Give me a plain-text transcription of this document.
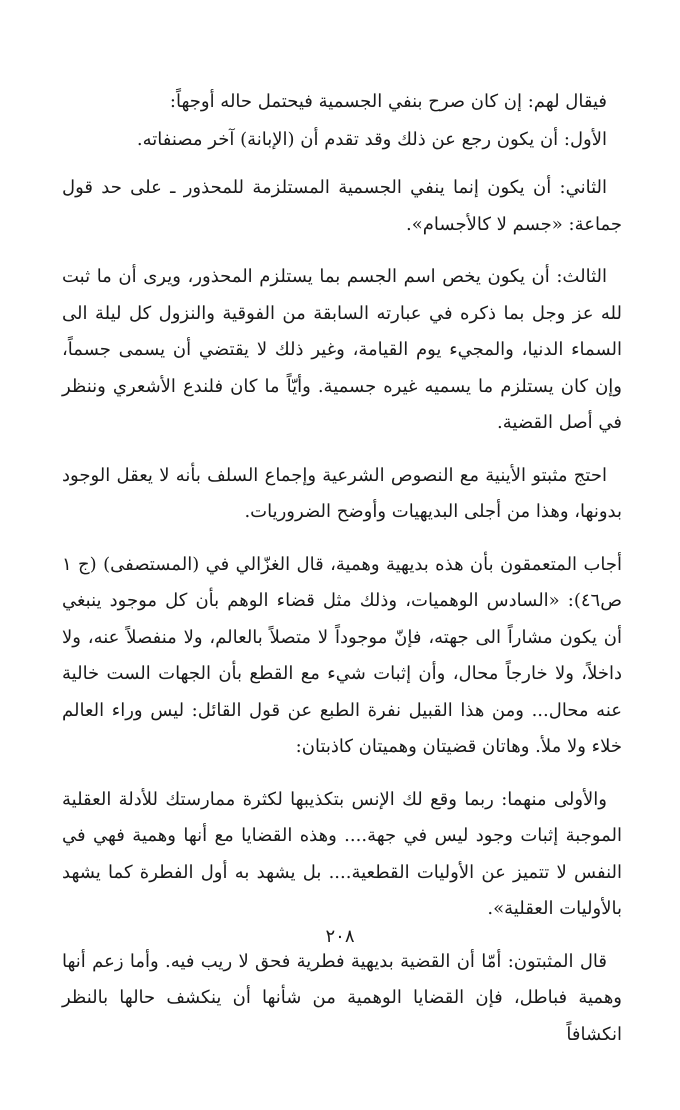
فيقال لهم: إن كان صرح بنفي الجسمية فيحتمل حاله أوجهاً:

الأول: أن يكون رجع عن ذلك وقد تقدم أن (الإبانة) آخر مصنفاته.

الثاني: أن يكون إنما ينفي الجسمية المستلزمة للمحذور ـ على حد قول جماعة: «جسم لا كالأجسام».

الثالث: أن يكون يخص اسم الجسم بما يستلزم المحذور، ويرى أن ما ثبت لله عز وجل بما ذكره في عبارته السابقة من الفوقية والنزول كل ليلة الى السماء الدنيا، والمجيء يوم القيامة، وغير ذلك لا يقتضي أن يسمى جسماً، وإن كان يستلزم ما يسميه غيره جسمية. وأيّاً ما كان فلندع الأشعري وننظر في أصل القضية.

احتج مثبتو الأينية مع النصوص الشرعية وإجماع السلف بأنه لا يعقل الوجود بدونها، وهذا من أجلى البديهيات وأوضح الضروريات.

أجاب المتعمقون بأن هذه بديهية وهمية، قال الغزّالي في (المستصفى) (ج ١ ص٤٦): «السادس الوهميات، وذلك مثل قضاء الوهم بأن كل موجود ينبغي أن يكون مشاراً الى جهته، فإنّ موجوداً لا متصلاً بالعالم، ولا منفصلاً عنه، ولا داخلاً، ولا خارجاً محال، وأن إثبات شيء مع القطع بأن الجهات الست خالية عنه محال... ومن هذا القبيل نفرة الطبع عن قول القائل: ليس وراء العالم خلاء ولا ملأ. وهاتان قضيتان وهميتان كاذبتان:

والأولى منهما: ربما وقع لك الإنس بتكذيبها لكثرة ممارستك للأدلة العقلية الموجبة إثبات وجود ليس في جهة.... وهذه القضايا مع أنها وهمية فهي في النفس لا تتميز عن الأوليات القطعية.... بل يشهد به أول الفطرة كما يشهد بالأوليات العقلية».

قال المثبتون: أمّا أن القضية بديهية فطرية فحق لا ريب فيه. وأما زعم أنها وهمية فباطل، فإن القضايا الوهمية من شأنها أن ينكشف حالها بالنظر انكشافاً

٢٠٨
